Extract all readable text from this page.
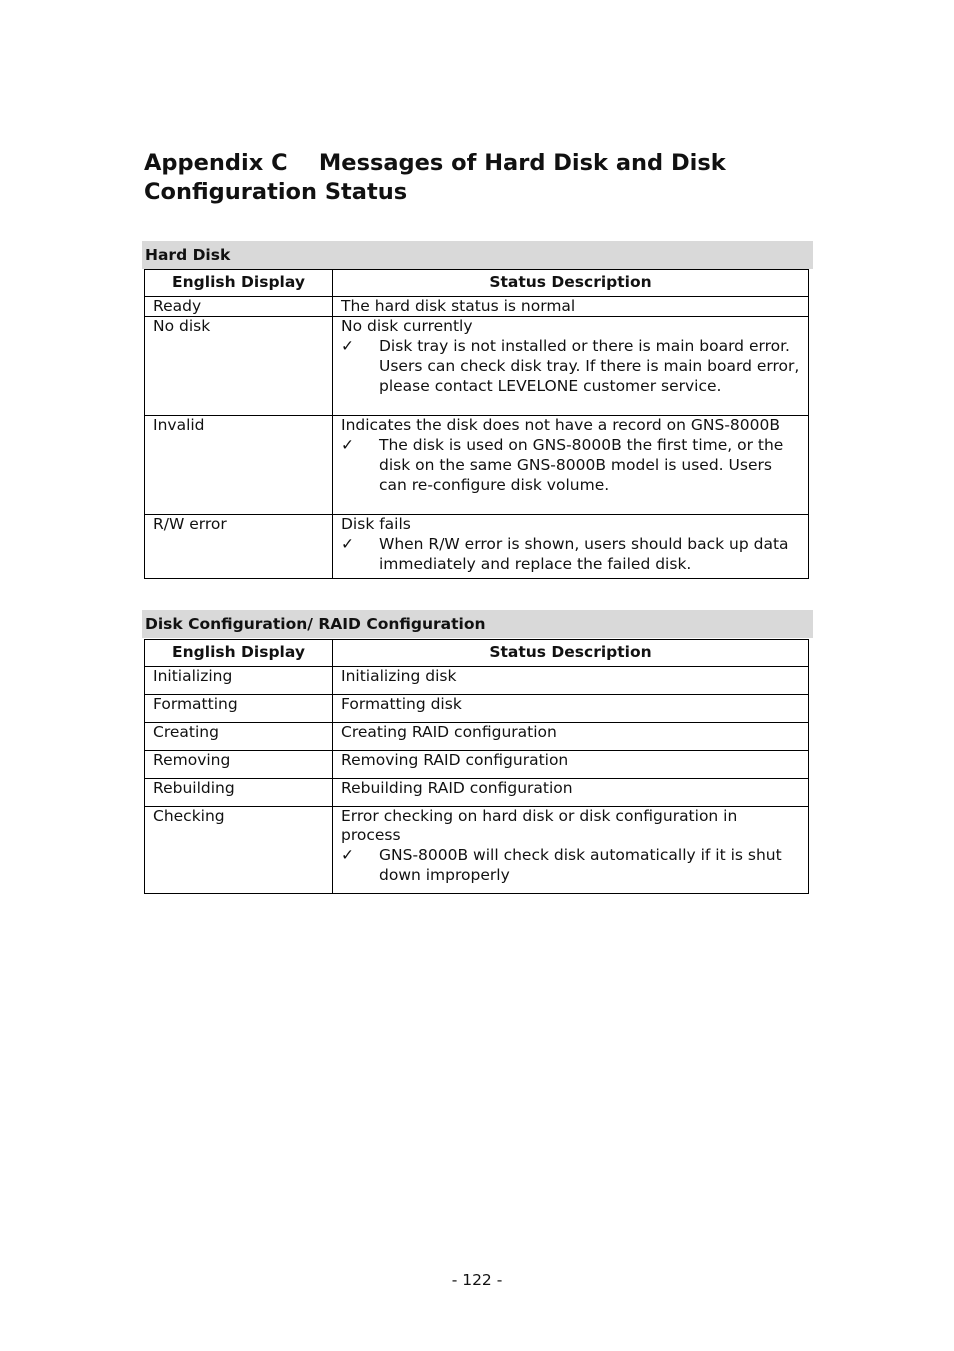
Appendix C    Messages of Hard Disk and Disk
Configuration Status
Hard Disk
English Display	Status Description
Ready	The hard disk status is normal
No disk	No disk currently
✓ Disk tray is not installed or there is main board error. Users can check disk tray. If there is main board error, please contact LEVELONE customer service.

Invalid	Indicates the disk does not have a record on GNS-8000B
✓ The disk is used on GNS-8000B the first time, or the disk on the same GNS-8000B model is used. Users can re-configure disk volume.

R/W error	Disk fails
✓ When R/W error is shown, users should back up data immediately and replace the failed disk.
Disk Configuration/ RAID Configuration
English Display	Status Description
Initializing	Initializing disk
Formatting	Formatting disk
Creating	Creating RAID configuration
Removing	Removing RAID configuration
Rebuilding	Rebuilding RAID configuration
Checking	Error checking on hard disk or disk configuration in process
✓ GNS-8000B will check disk automatically if it is shut down improperly
- 122 -
